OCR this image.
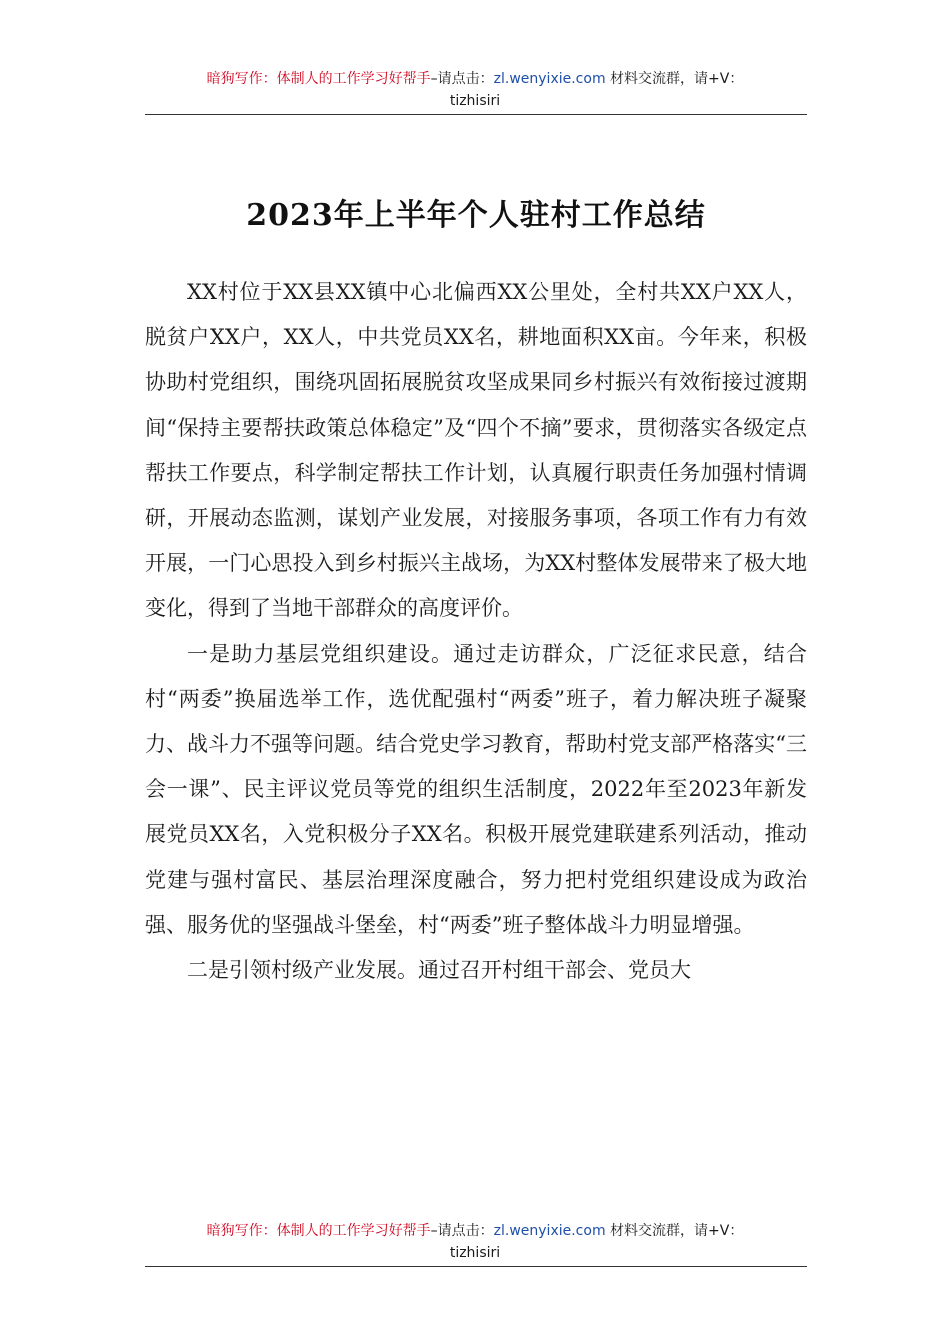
暗狗写作：体制人的工作学习好帮手–请点击：zl.wenyixie.com 材料交流群，请+V：
tizhisiri
2023年上半年个人驻村工作总结

XX村位于XX县XX镇中心北偏西XX公里处，全村共XX户XX人，脱贫户XX户，XX人，中共党员XX名，耕地面积XX亩。今年来，积极协助村党组织，围绕巩固拓展脱贫攻坚成果同乡村振兴有效衔接过渡期间“保持主要帮扶政策总体稳定”及“四个不摘”要求，贯彻落实各级定点帮扶工作要点，科学制定帮扶工作计划，认真履行职责任务加强村情调研，开展动态监测，谋划产业发展，对接服务事项，各项工作有力有效开展，一门心思投入到乡村振兴主战场，为XX村整体发展带来了极大地变化，得到了当地干部群众的高度评价。

一是助力基层党组织建设。通过走访群众，广泛征求民意，结合村“两委”换届选举工作，选优配强村“两委”班子，着力解决班子凝聚力、战斗力不强等问题。结合党史学习教育，帮助村党支部严格落实“三会一课”、民主评议党员等党的组织生活制度，2022年至2023年新发展党员XX名，入党积极分子XX名。积极开展党建联建系列活动，推动党建与强村富民、基层治理深度融合，努力把村党组织建设成为政治强、服务优的坚强战斗堡垒，村“两委”班子整体战斗力明显增强。

二是引领村级产业发展。通过召开村组干部会、党员大

暗狗写作：体制人的工作学习好帮手–请点击：zl.wenyixie.com 材料交流群，请+V：
tizhisiri
